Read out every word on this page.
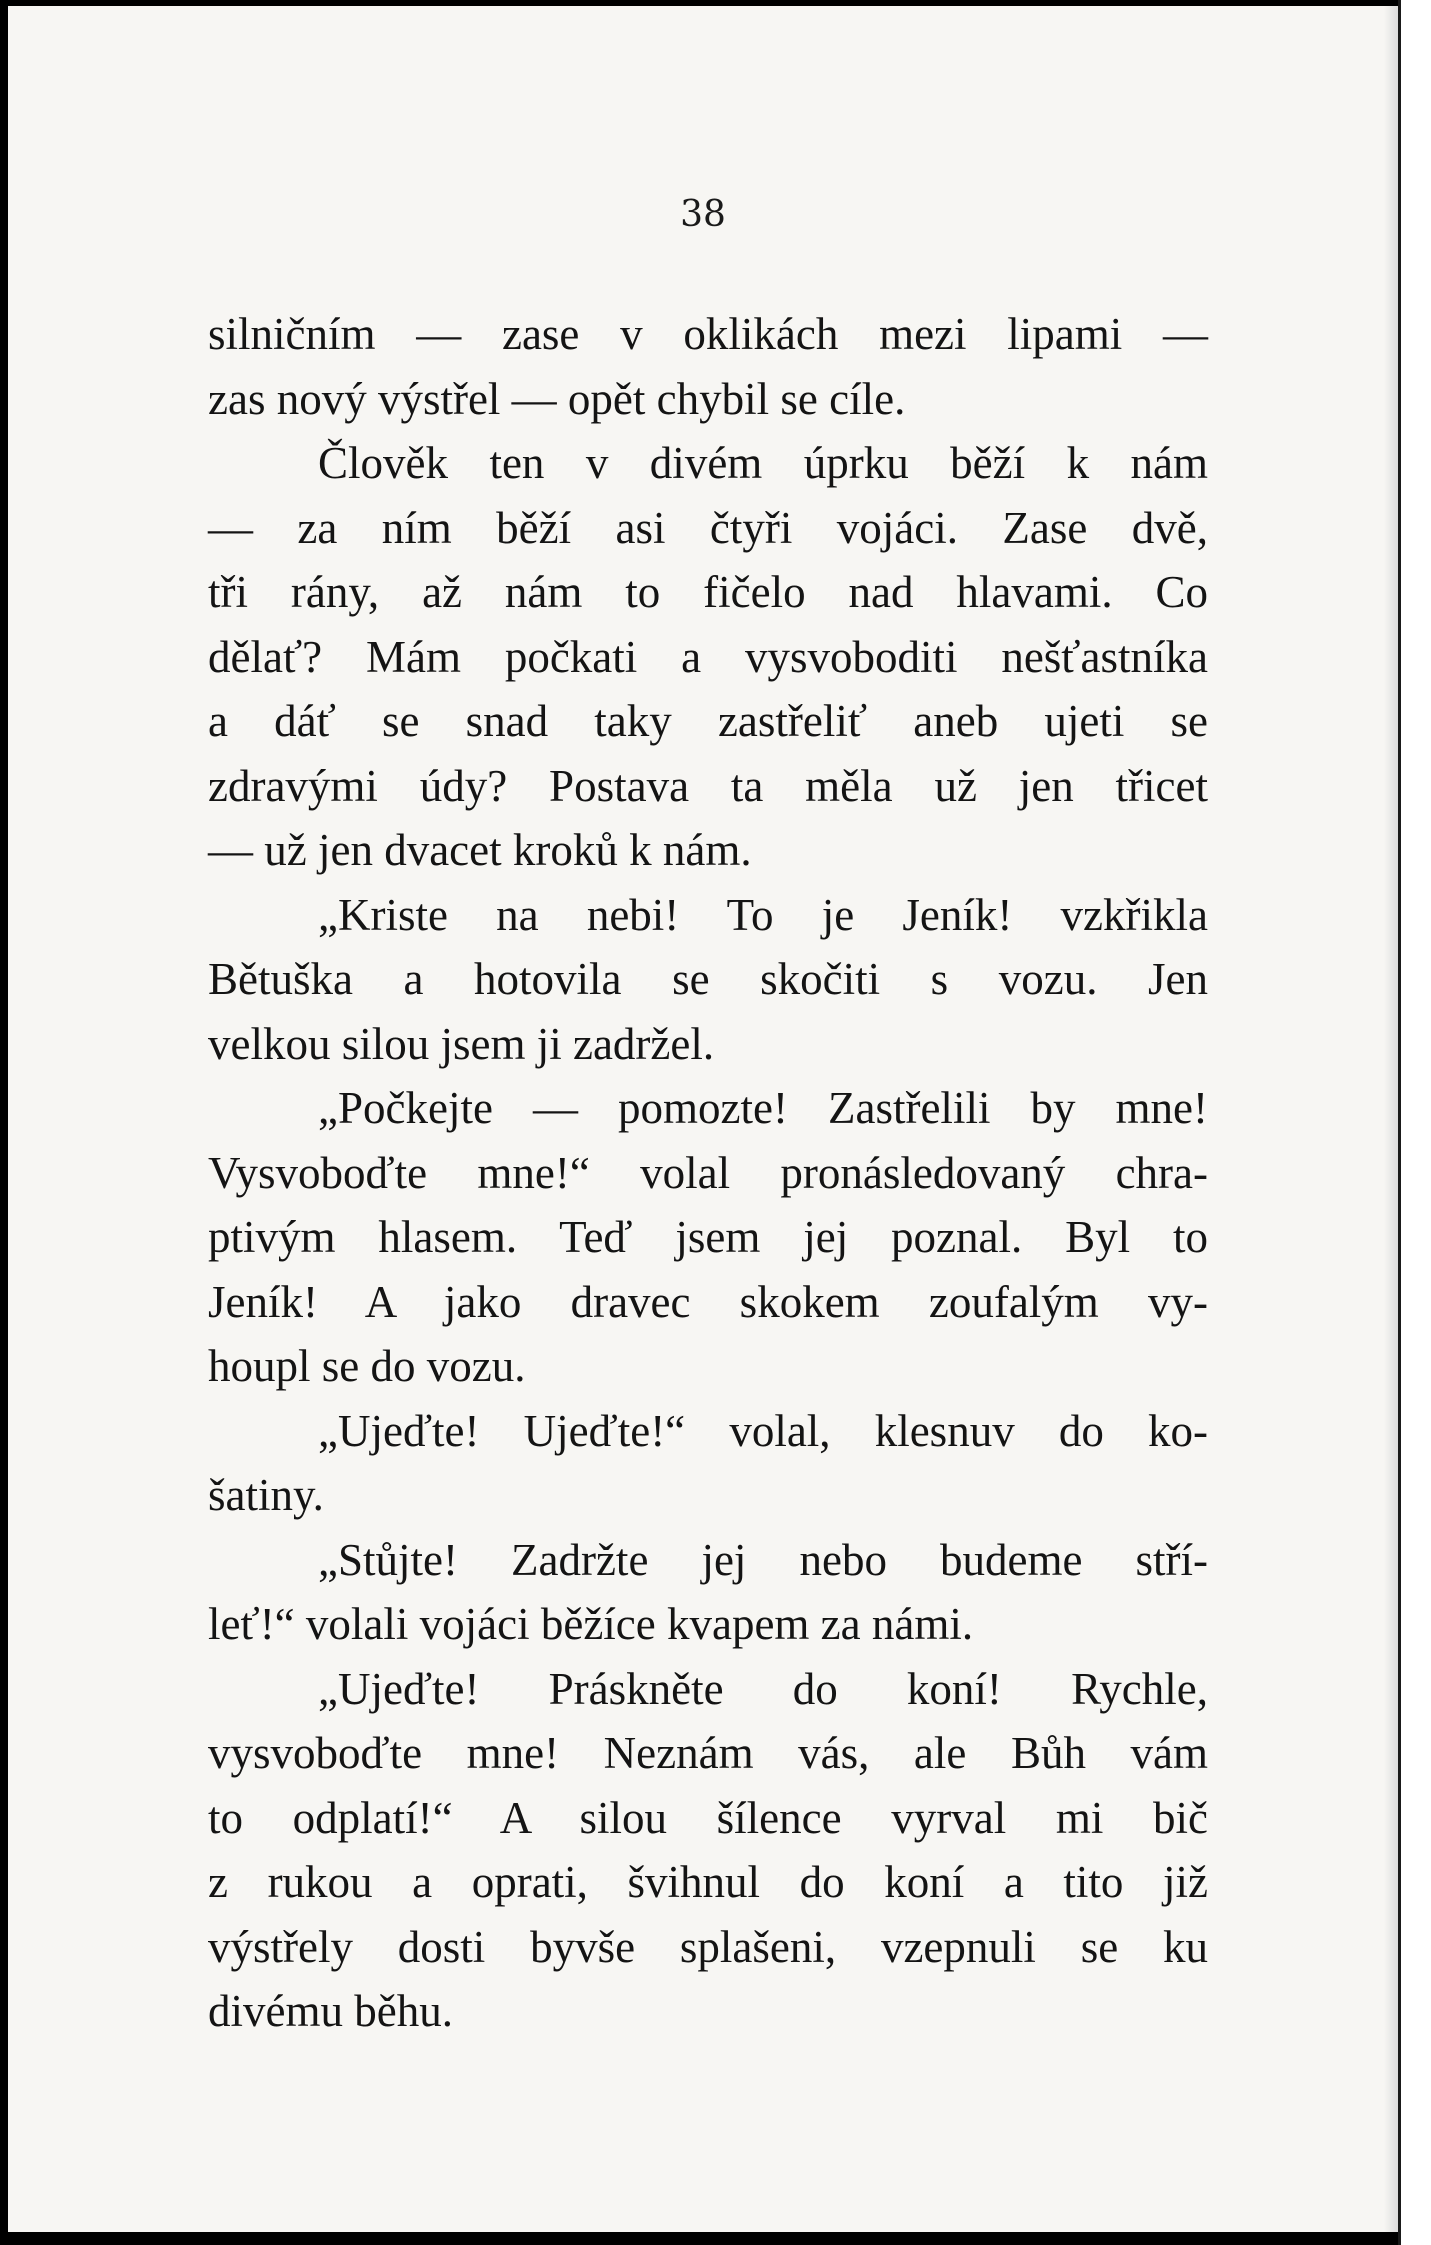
38
silničním — zase v oklikách mezi lipami —
zas nový výstřel — opět chybil se cíle.
Člověk ten v divém úprku běží k nám
— za ním běží asi čtyři vojáci. Zase dvě,
tři rány, až nám to fičelo nad hlavami. Co
dělať? Mám počkati a vysvoboditi nešťastníka
a dáť se snad taky zastřeliť aneb ujeti se
zdravými údy? Postava ta měla už jen třicet
— už jen dvacet kroků k nám.
„Kriste na nebi! To je Jeník! vzkřikla
Bětuška a hotovila se skočiti s vozu. Jen
velkou silou jsem ji zadržel.
„Počkejte — pomozte! Zastřelili by mne!
Vysvoboďte mne!“ volal pronásledovaný chra-
ptivým hlasem. Teď jsem jej poznal. Byl to
Jeník! A jako dravec skokem zoufalým vy-
houpl se do vozu.
„Ujeďte! Ujeďte!“ volal, klesnuv do ko-
šatiny.
„Stůjte! Zadržte jej nebo budeme stří-
leť!“ volali vojáci běžíce kvapem za námi.
„Ujeďte! Práskněte do koní! Rychle,
vysvoboďte mne! Neznám vás, ale Bůh vám
to odplatí!“ A silou šílence vyrval mi bič
z rukou a oprati, švihnul do koní a tito již
výstřely dosti byvše splašeni, vzepnuli se ku
divému běhu.
